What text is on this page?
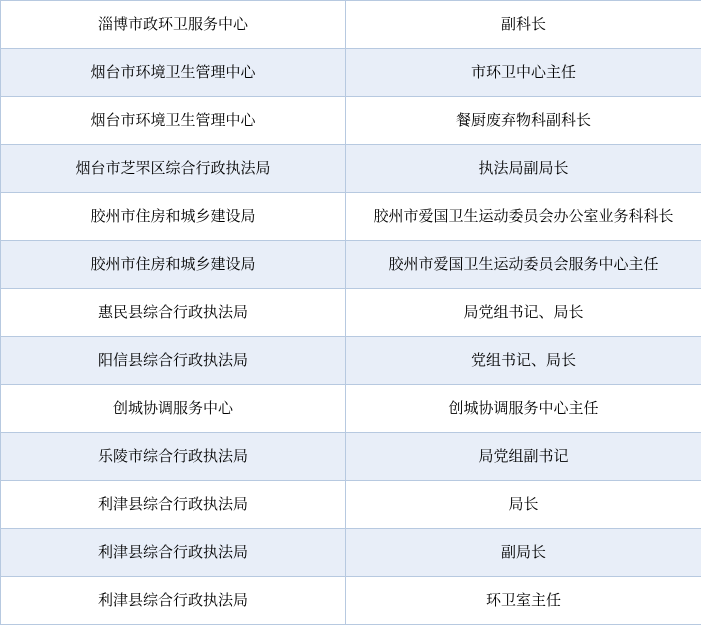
淄博市政环卫服务中心	副科长
烟台市环境卫生管理中心	市环卫中心主任
烟台市环境卫生管理中心	餐厨废弃物科副科长
烟台市芝罘区综合行政执法局	执法局副局长
胶州市住房和城乡建设局	胶州市爱国卫生运动委员会办公室业务科科长
胶州市住房和城乡建设局	胶州市爱国卫生运动委员会服务中心主任
惠民县综合行政执法局	局党组书记、局长
阳信县综合行政执法局	党组书记、局长
创城协调服务中心	创城协调服务中心主任
乐陵市综合行政执法局	局党组副书记
利津县综合行政执法局	局长
利津县综合行政执法局	副局长
利津县综合行政执法局	环卫室主任
